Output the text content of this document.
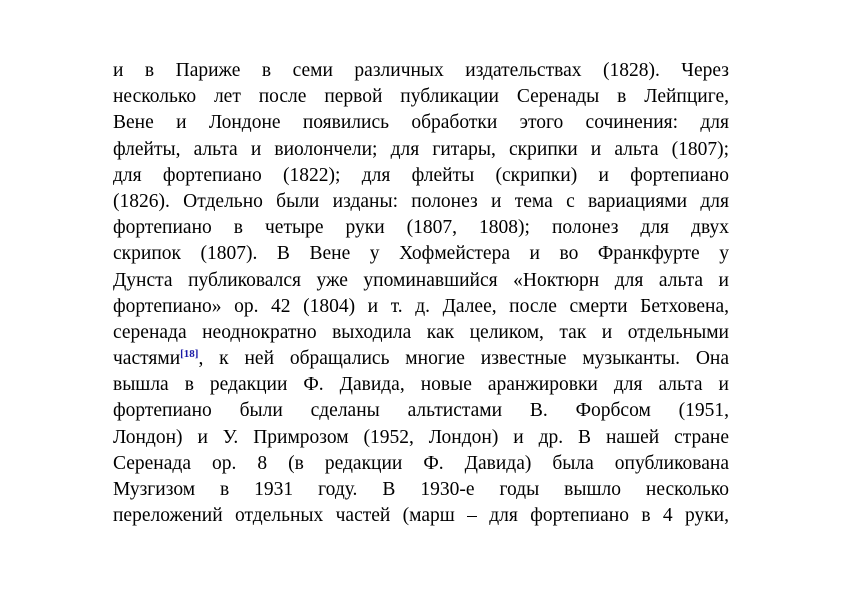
и в Париже в семи различных издательствах (1828). Через
несколько лет после первой публикации Серенады в Лейпциге,
Вене и Лондоне появились обработки этого сочинения: для
флейты, альта и виолончели; для гитары, скрипки и альта (1807);
для фортепиано (1822); для флейты (скрипки) и фортепиано
(1826). Отдельно были изданы: полонез и тема с вариациями для
фортепиано в четыре руки (1807, 1808); полонез для двух
скрипок (1807). В Вене у Хофмейстера и во Франкфурте у
Дунста публиковался уже упоминавшийся «Ноктюрн для альта и
фортепиано» ор. 42 (1804) и т. д. Далее, после смерти Бетховена,
серенада неоднократно выходила как целиком, так и отдельными
частями[18], к ней обращались многие известные музыканты. Она
вышла в редакции Ф. Давида, новые аранжировки для альта и
фортепиано были сделаны альтистами В. Форбсом (1951,
Лондон) и У. Примрозом (1952, Лондон) и др. В нашей стране
Серенада ор. 8 (в редакции Ф. Давида) была опубликована
Музгизом в 1931 году. В 1930-е годы вышло несколько
переложений отдельных частей (марш – для фортепиано в 4 руки,
